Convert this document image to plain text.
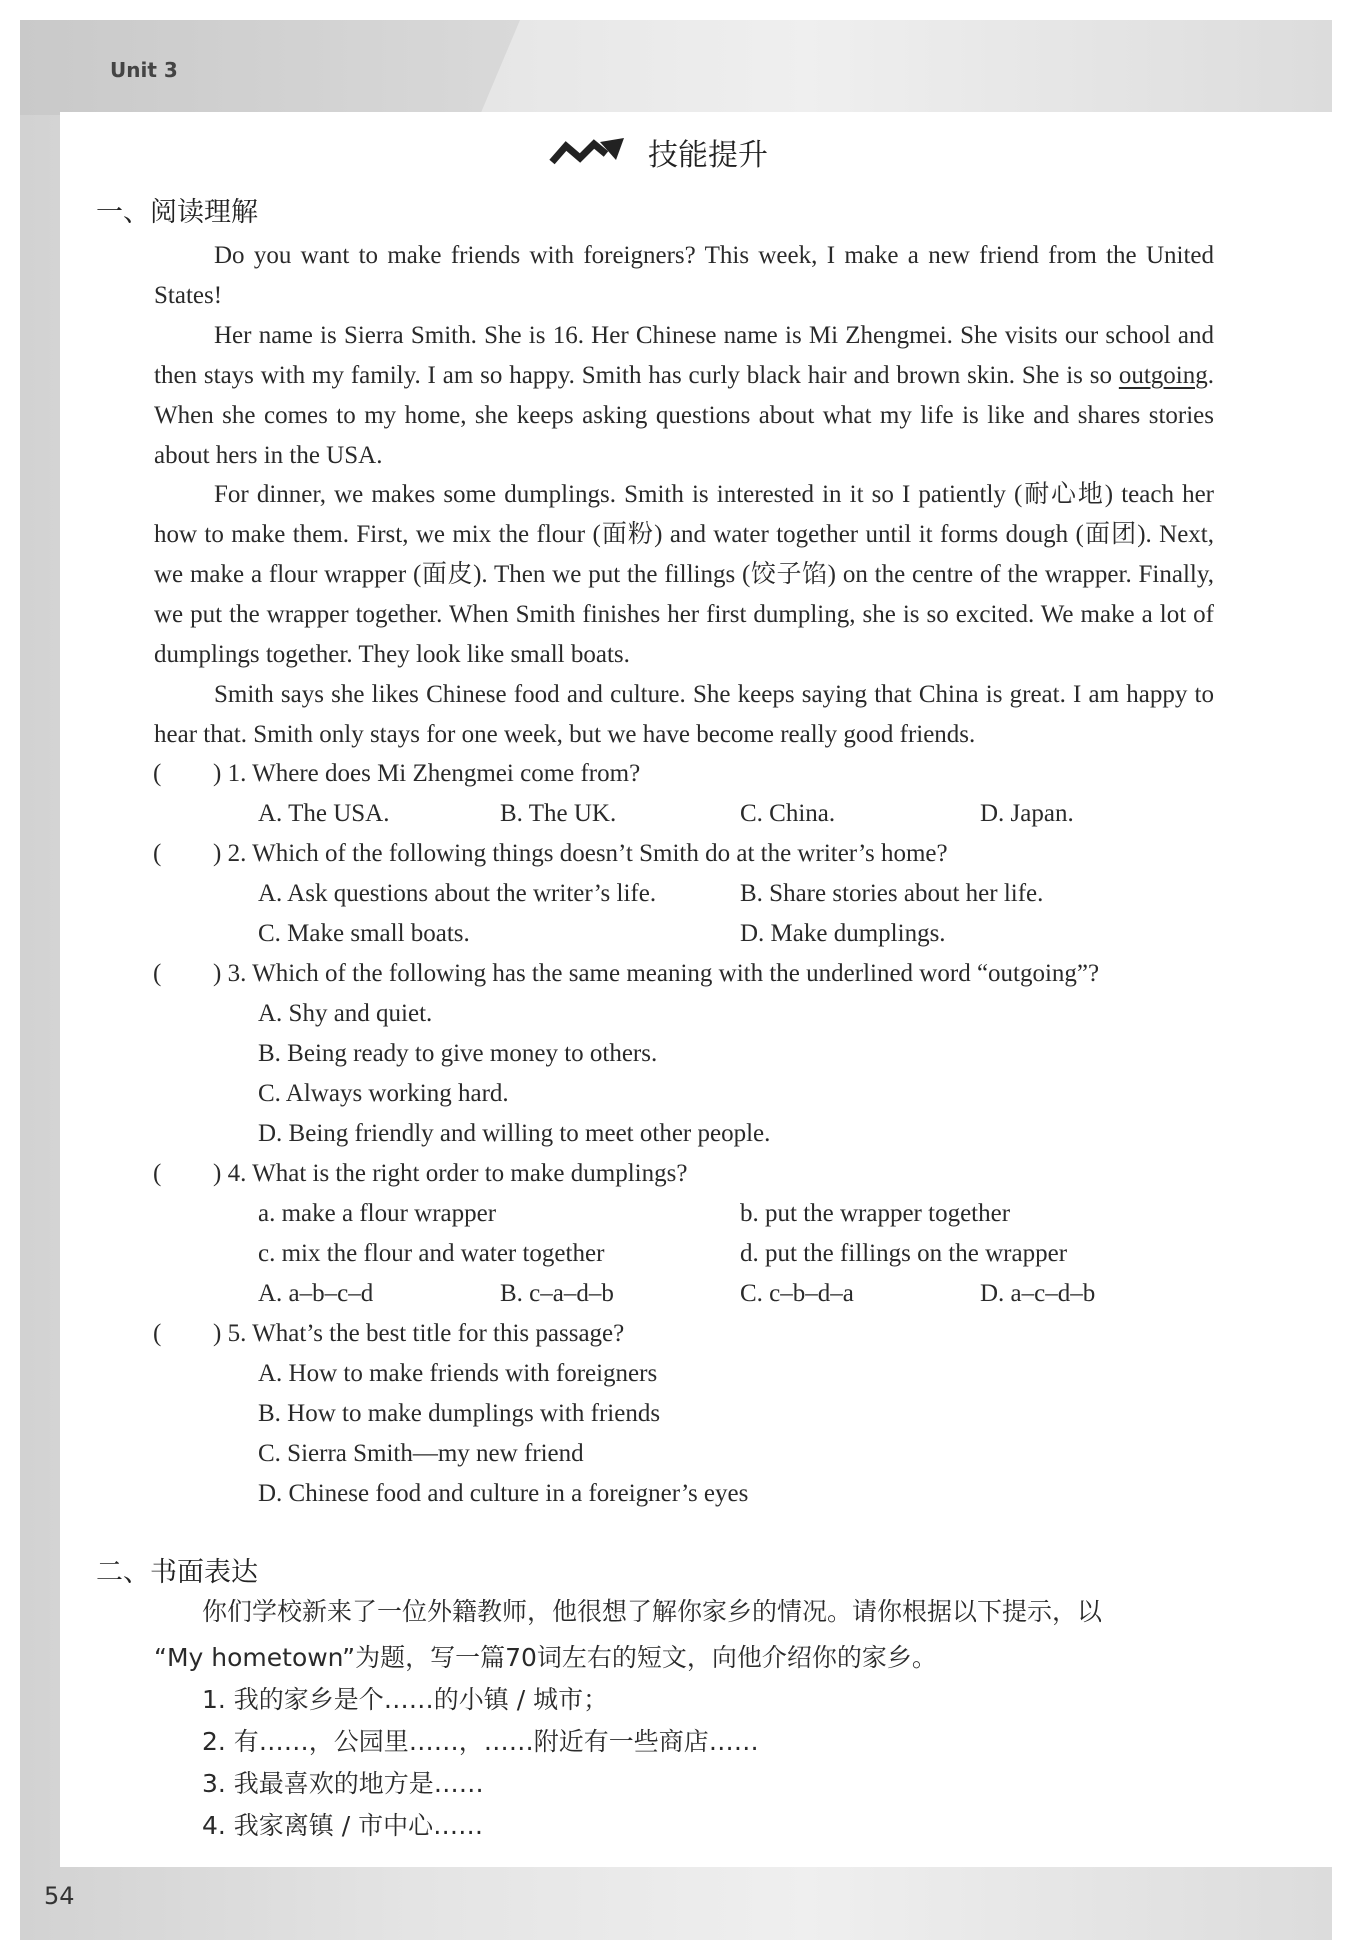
Unit 3
54
技能提升
一、阅读理解
Do you want to make friends with foreigners? This week, I make a new friend from the United States!
Her name is Sierra Smith. She is 16. Her Chinese name is Mi Zhengmei. She visits our school and then stays with my family. I am so happy. Smith has curly black hair and brown skin. She is so outgoing. When she comes to my home, she keeps asking questions about what my life is like and shares stories about hers in the USA.
For dinner, we makes some dumplings. Smith is interested in it so I patiently (耐心地) teach her how to make them. First, we mix the flour (面粉) and water together until it forms dough (面团). Next, we make a flour wrapper (面皮). Then we put the fillings (饺子馅) on the centre of the wrapper. Finally, we put the wrapper together. When Smith finishes her first dumpling, she is so excited. We make a lot of dumplings together. They look like small boats.
Smith says she likes Chinese food and culture. She keeps saying that China is great. I am happy to hear that. Smith only stays for one week, but we have become really good friends.
( ) 1. Where does Mi Zhengmei come from?
A. The USA.	B. The UK.	C. China.	D. Japan.
( ) 2. Which of the following things doesn’t Smith do at the writer’s home?
A. Ask questions about the writer’s life.	B. Share stories about her life.
C. Make small boats.	D. Make dumplings.
( ) 3. Which of the following has the same meaning with the underlined word “outgoing”?
A. Shy and quiet.
B. Being ready to give money to others.
C. Always working hard.
D. Being friendly and willing to meet other people.
( ) 4. What is the right order to make dumplings?
a. make a flour wrapper	b. put the wrapper together
c. mix the flour and water together	d. put the fillings on the wrapper
A. a–b–c–d	B. c–a–d–b	C. c–b–d–a	D. a–c–d–b
( ) 5. What’s the best title for this passage?
A. How to make friends with foreigners
B. How to make dumplings with friends
C. Sierra Smith—my new friend
D. Chinese food and culture in a foreigner’s eyes
二、书面表达
你们学校新来了一位外籍教师，他很想了解你家乡的情况。请你根据以下提示，以
“My hometown”为题，写一篇70词左右的短文，向他介绍你的家乡。
1. 我的家乡是个……的小镇 / 城市；
2. 有……，公园里……，……附近有一些商店……
3. 我最喜欢的地方是……
4. 我家离镇 / 市中心……
